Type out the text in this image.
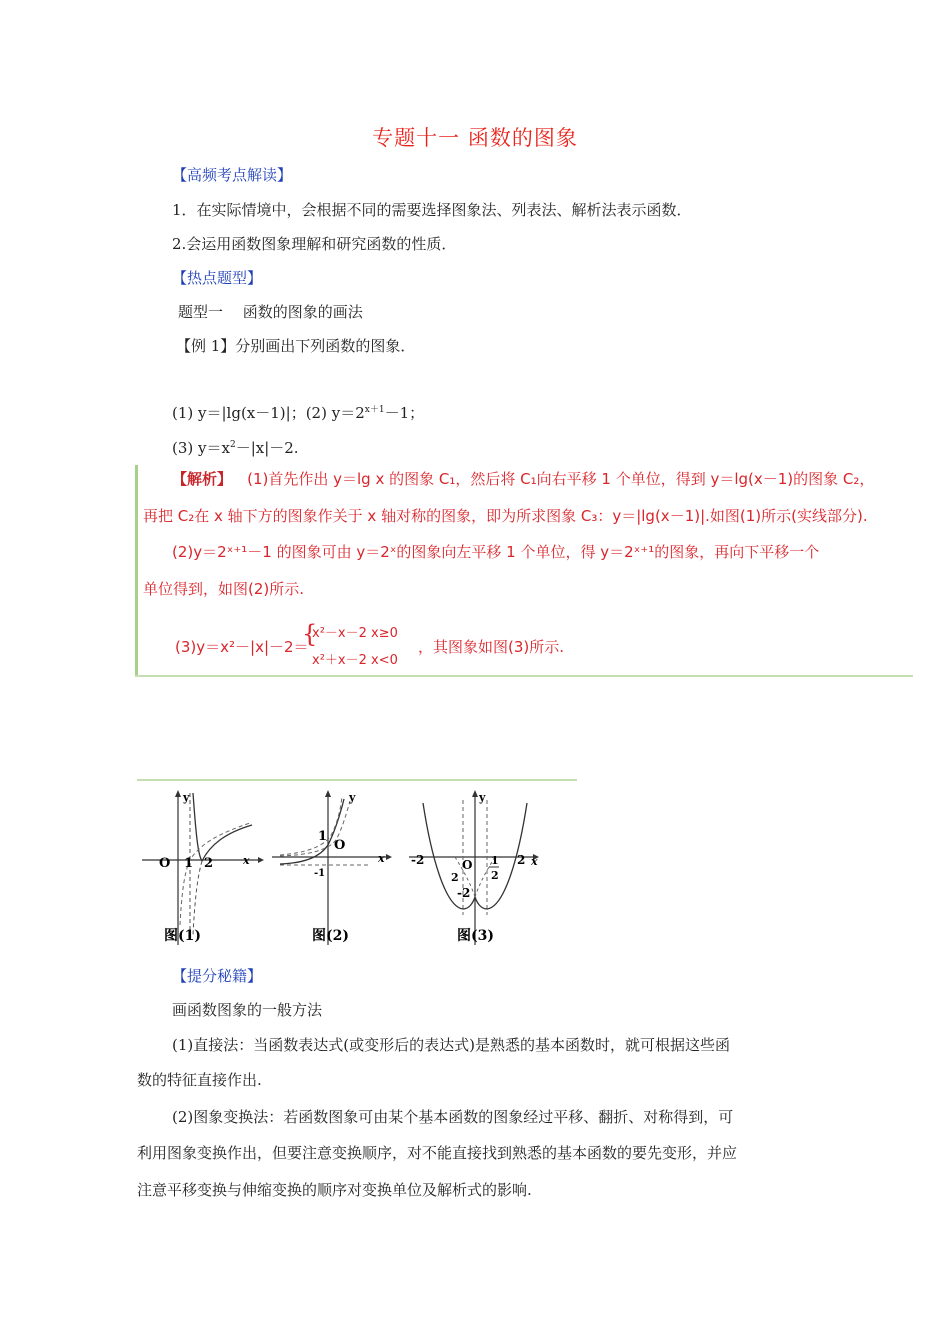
专题十一 函数的图象
【高频考点解读】
1．在实际情境中，会根据不同的需要选择图象法、列表法、解析法表示函数．
2.会运用函数图象理解和研究函数的性质．
【热点题型】
题型一　 函数的图象的画法
【例 1】分别画出下列函数的图象．
(1) y＝|lg(x－1)|；(2) $y=2^{x+1}-1$；
(3) $y=x^2-|x|-2$.
【解析】 (1)首先作出 y＝lg x 的图象 C₁，然后将 C₁向右平移 1 个单位，得到 y＝lg(x－1)的图象 C₂，
再把 C₂在 x 轴下方的图象作关于 x 轴对称的图象，即为所求图象 C₃：y＝|lg(x－1)|.如图(1)所示(实线部分).
(2)y＝2ˣ⁺¹－1 的图象可由 y＝2ˣ的图象向左平移 1 个单位，得 y＝2ˣ⁺¹的图象，再向下平移一个
单位得到，如图(2)所示.
(3)y＝x²－|x|－2＝
{
x²－x－2 x≥0
x²＋x－2 x<0
，其图象如图(3)所示.
y
x
O 1 2
图(1)
y
x
O
1
-1
图(2)
y
x
-2	2
O
-2
1
2
2
图(3)
【提分秘籍】
画函数图象的一般方法
(1)直接法：当函数表达式(或变形后的表达式)是熟悉的基本函数时，就可根据这些函
数的特征直接作出.
(2)图象变换法：若函数图象可由某个基本函数的图象经过平移、翻折、对称得到，可
利用图象变换作出，但要注意变换顺序，对不能直接找到熟悉的基本函数的要先变形，并应
注意平移变换与伸缩变换的顺序对变换单位及解析式的影响.
